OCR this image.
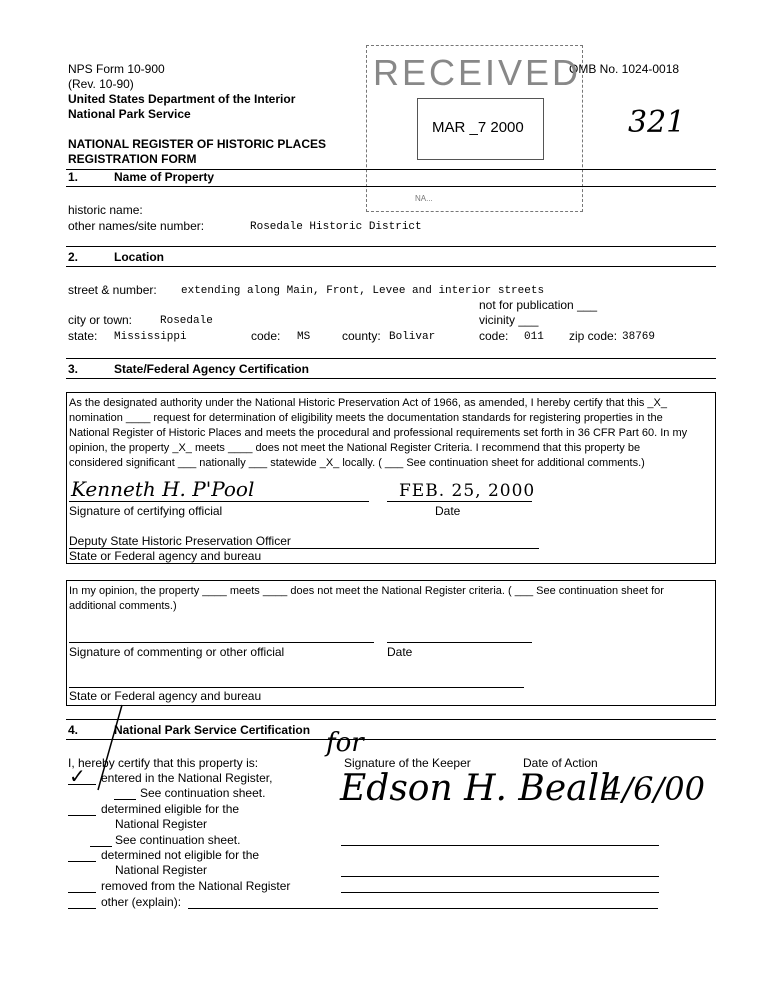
NPS Form 10-900
(Rev. 10-90)
United States Department of the Interior
National Park Service
OMB No. 1024-0018
321
NATIONAL REGISTER OF HISTORIC PLACES
REGISTRATION FORM
RECEIVED
MAR _7 2000
NA...
1.	Name of Property
historic name:
other names/site number:	Rosedale Historic District
2.	Location
street & number: extending along Main, Front, Levee and interior streets
not for publication ___
city or town:	Rosedale	vicinity ___
state: Mississippi	code: MS	county: Bolivar	code: 011 zip code: 38769
3.	State/Federal Agency Certification
As the designated authority under the National Historic Preservation Act of 1966, as amended, I hereby certify that this _X_
nomination ____ request for determination of eligibility meets the documentation standards for registering properties in the
National Register of Historic Places and meets the procedural and professional requirements set forth in 36 CFR Part 60. In my
opinion, the property _X_ meets ____ does not meet the National Register Criteria. I recommend that this property be
considered significant ___ nationally ___ statewide _X_ locally. ( ___ See continuation sheet for additional comments.)
Kenneth H. P'Pool	FEB. 25, 2000
Signature of certifying official	Date
Deputy State Historic Preservation Officer
State or Federal agency and bureau
In my opinion, the property ____ meets ____ does not meet the National Register criteria. ( ___ See continuation sheet for
additional comments.)
Signature of commenting or other official	Date
State or Federal agency and bureau
4.	National Park Service Certification
I, hereby certify that this property is:	Signature of the Keeper	Date of Action
entered in the National Register,
✓
See continuation sheet.
determined eligible for the
National Register
See continuation sheet.
determined not eligible for the
National Register
removed from the National Register
other (explain):
for
Edson H. Beall
4/6/00
